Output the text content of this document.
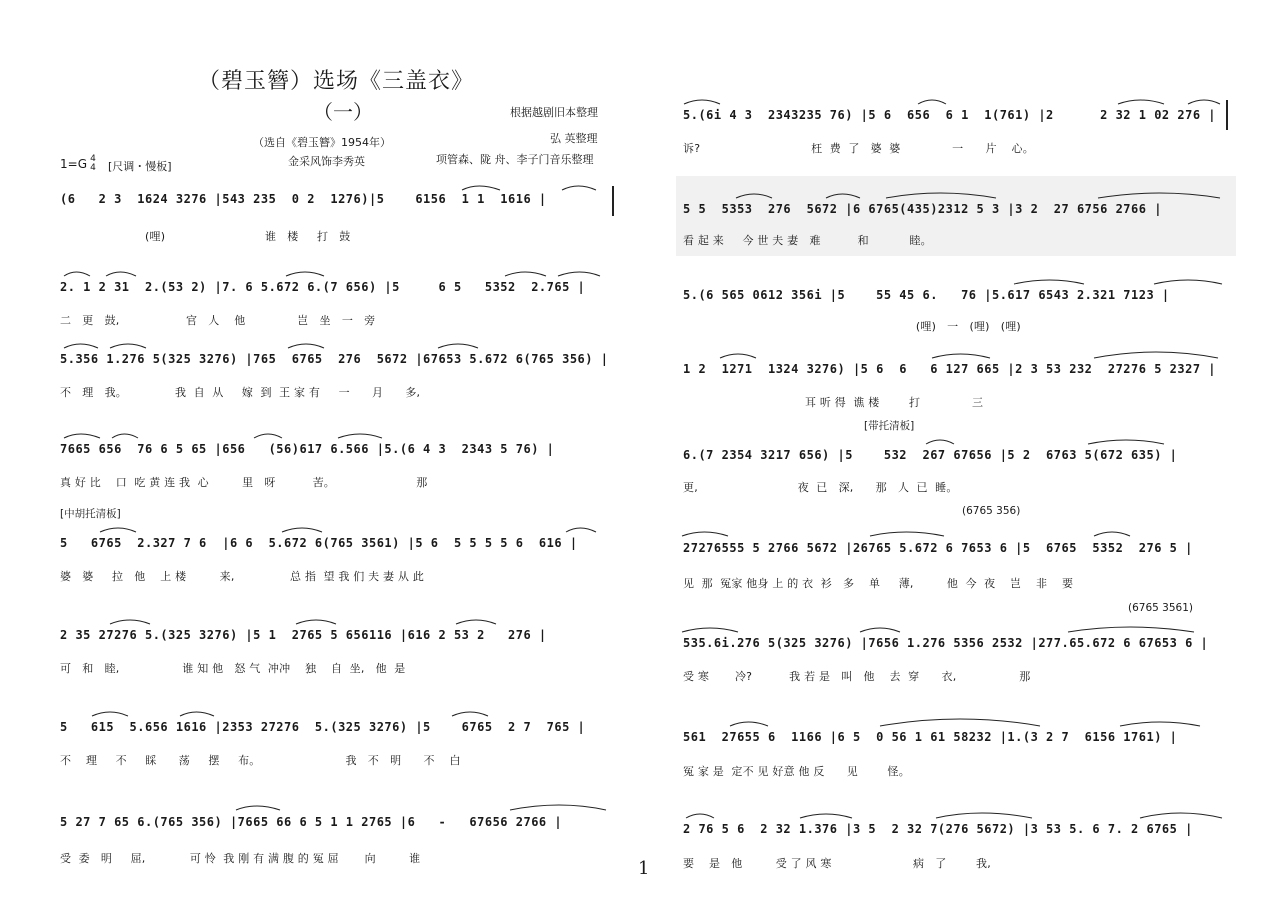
（碧玉簪）选场《三盖衣》
（一）	根据越剧旧本整理
弘 英整理
项管森、陇 舟、李子门音乐整理
（选自《碧玉簪》1954年）
金采风饰李秀英
1=G 4
4 [尺调・慢板]
(6   2 3  1624 3276 |543 235  0 2  1276)|5    6156  1 1  1616 |
(哩)                           谁   楼     打   鼓
2. 1 2 31  2.(53 2) |7. 6 5.672 6.(7 656) |5     6 5   5352  2.765 |
二   更   鼓,                  官   人    他              岂   坐   一   旁
5.356 1.276 5(325 3276) |765  6765  276  5672 |67653 5.672 6(765 356) |
不   理   我。             我  自  从     嫁  到  王 家 有     一      月      多,
7665 656  76 6 5 65 |656   (56)617 6.566 |5.(6 4 3  2343 5 76) |
真 好 比    口  吃 黄 连 我  心         里   呀          苦。                      那
[中胡托清板]
5   6765  2.327 7 6  |6 6  5.672 6(765 3561) |5 6  5 5 5 5 6  616 |
婆   婆     拉   他    上 楼         来,               总 指  望 我 们 夫 妻 从 此
2 35 27276 5.(325 3276) |5 1  2765 5 656116 |616 2 53 2   276 |
可   和   睦,                 谁 知 他   怒 气  冲冲    独    自  坐,   他  是
5   615  5.656 1616 |2353 27276  5.(325 3276) |5    6765  2 7  765 |
不    理     不     睬      荡     摆     布。                       我   不   明      不    白
5 27 7 65 6.(765 356) |7665 66 6 5 1 1 2765 |6   -   67656 2766 |
受  委   明     屈,            可 怜  我 刚 有 满 腹 的 冤 屈       向         谁
5.(6i 4 3  2343235 76) |5 6  656  6 1  1(761) |2      2 32 1 02 276 |
诉?                              枉  费  了   婆  婆              一      片    心。
5 5  5353  276  5672 |6 6765(435)2312 5 3 |3 2  27 6756 2766 |
看 起 来     今 世 夫 妻   难          和           睦。
5.(6 565 0612 356i |5    55 45 6.   76 |5.617 6543 2.321 7123 |
(哩)   一   (哩)   (哩)
1 2  1271  1324 3276) |5 6  6   6 127 665 |2 3 53 232  27276 5 2327 |
耳 听 得  谯 楼        打              三
[带托清板]
6.(7 2354 3217 656) |5    532  267 67656 |5 2  6763 5(672 635) |
更,                           夜  已   深,      那   人  已  睡。
(6765 356)
27276555 5 2766 5672 |26765 5.672 6 7653 6 |5  6765  5352  276 5 |
见  那  冤家 他身 上 的 衣  衫   多    单     薄,         他  今  夜    岂    非    要
(6765 3561)
535.6i.276 5(325 3276) |7656 1.276 5356 2532 |277.65.672 6 67653 6 |
受 寒       冷?          我 若 是   叫   他    去  穿      衣,                 那
561  27655 6  1166 |6 5  0 56 1 61 58232 |1.(3 2 7  6156 1761) |
冤 家 是  定不 见 好意 他 反      见        怪。
2 76 5 6  2 32 1.376 |3 5  2 32 7(276 5672) |3 53 5. 6 7. 2 6765 |
要    是   他         受 了 风 寒                      病   了        我,
1
